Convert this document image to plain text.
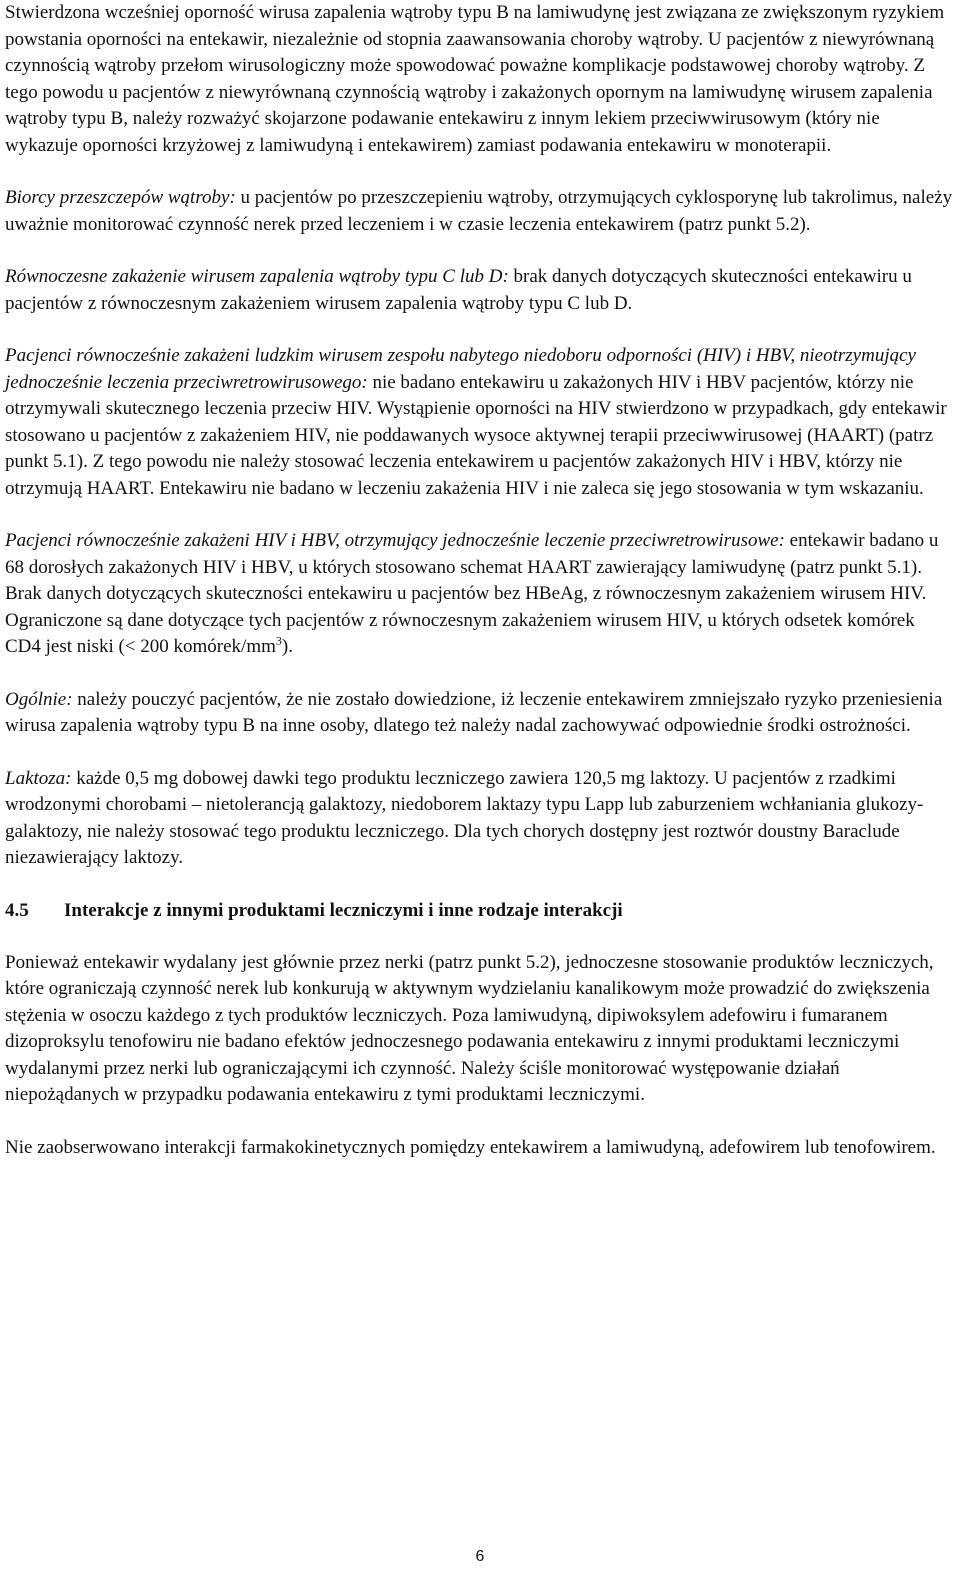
Stwierdzona wcześniej oporność wirusa zapalenia wątroby typu B na lamiwudynę jest związana ze zwiększonym ryzykiem powstania oporności na entekawir, niezależnie od stopnia zaawansowania choroby wątroby. U pacjentów z niewyrównaną czynnością wątroby przełom wirusologiczny może spowodować poważne komplikacje podstawowej choroby wątroby. Z tego powodu u pacjentów z niewyrównaną czynnością wątroby i zakażonych opornym na lamiwudynę wirusem zapalenia wątroby typu B, należy rozważyć skojarzone podawanie entekawiru z innym lekiem przeciwwirusowym (który nie wykazuje oporności krzyżowej z lamiwudyną i entekawirem) zamiast podawania entekawiru w monoterapii.

Biorcy przeszczepów wątroby: u pacjentów po przeszczepieniu wątroby, otrzymujących cyklosporynę lub takrolimus, należy uważnie monitorować czynność nerek przed leczeniem i w czasie leczenia entekawirem (patrz punkt 5.2).

Równoczesne zakażenie wirusem zapalenia wątroby typu C lub D: brak danych dotyczących skuteczności entekawiru u pacjentów z równoczesnym zakażeniem wirusem zapalenia wątroby typu C lub D.

Pacjenci równocześnie zakażeni ludzkim wirusem zespołu nabytego niedoboru odporności (HIV) i HBV, nieotrzymujący jednocześnie leczenia przeciwretrowirusowego: nie badano entekawiru u zakażonych HIV i HBV pacjentów, którzy nie otrzymywali skutecznego leczenia przeciw HIV. Wystąpienie oporności na HIV stwierdzono w przypadkach, gdy entekawir stosowano u pacjentów z zakażeniem HIV, nie poddawanych wysoce aktywnej terapii przeciwwirusowej (HAART) (patrz punkt 5.1). Z tego powodu nie należy stosować leczenia entekawirem u pacjentów zakażonych HIV i HBV, którzy nie otrzymują HAART. Entekawiru nie badano w leczeniu zakażenia HIV i nie zaleca się jego stosowania w tym wskazaniu.

Pacjenci równocześnie zakażeni HIV i HBV, otrzymujący jednocześnie leczenie przeciwretrowirusowe: entekawir badano u 68 dorosłych zakażonych HIV i HBV, u których stosowano schemat HAART zawierający lamiwudynę (patrz punkt 5.1). Brak danych dotyczących skuteczności entekawiru u pacjentów bez HBeAg, z równoczesnym zakażeniem wirusem HIV. Ograniczone są dane dotyczące tych pacjentów z równoczesnym zakażeniem wirusem HIV, u których odsetek komórek CD4 jest niski (< 200 komórek/$mm^3$).

Ogólnie: należy pouczyć pacjentów, że nie zostało dowiedzione, iż leczenie entekawirem zmniejszało ryzyko przeniesienia wirusa zapalenia wątroby typu B na inne osoby, dlatego też należy nadal zachowywać odpowiednie środki ostrożności.

Laktoza: każde 0,5 mg dobowej dawki tego produktu leczniczego zawiera 120,5 mg laktozy. U pacjentów z rzadkimi wrodzonymi chorobami – nietolerancją galaktozy, niedoborem laktazy typu Lapp lub zaburzeniem wchłaniania glukozy-galaktozy, nie należy stosować tego produktu leczniczego. Dla tych chorych dostępny jest roztwór doustny Baraclude niezawierający laktozy.

4.5	Interakcje z innymi produktami leczniczymi i inne rodzaje interakcji

Ponieważ entekawir wydalany jest głównie przez nerki (patrz punkt 5.2), jednoczesne stosowanie produktów leczniczych, które ograniczają czynność nerek lub konkurują w aktywnym wydzielaniu kanalikowym może prowadzić do zwiększenia stężenia w osoczu każdego z tych produktów leczniczych. Poza lamiwudyną, dipiwoksylem adefowiru i fumaranem dizoproksylu tenofowiru nie badano efektów jednoczesnego podawania entekawiru z innymi produktami leczniczymi wydalanymi przez nerki lub ograniczającymi ich czynność. Należy ściśle monitorować występowanie działań niepożądanych w przypadku podawania entekawiru z tymi produktami leczniczymi.

Nie zaobserwowano interakcji farmakokinetycznych pomiędzy entekawirem a lamiwudyną, adefowirem lub tenofowirem.

6
